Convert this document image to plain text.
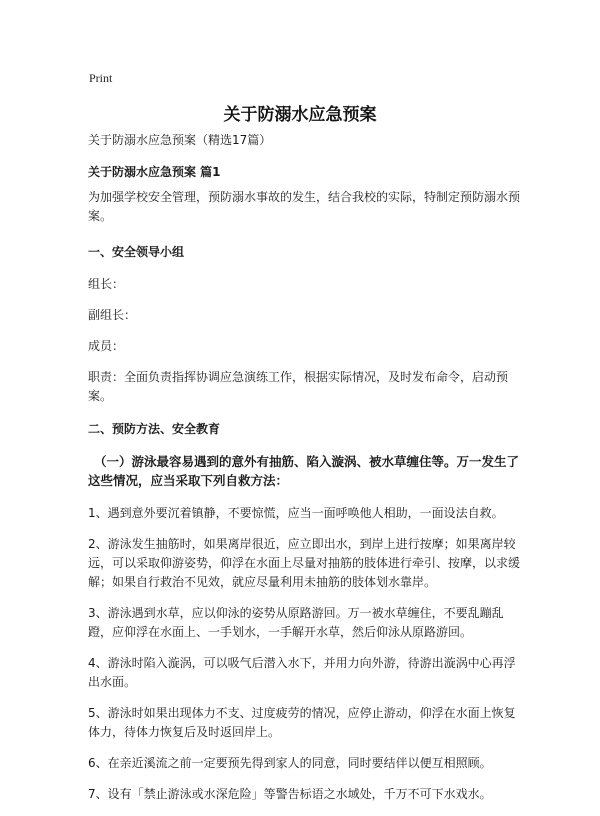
Print
关于防溺水应急预案

关于防溺水应急预案（精选17篇）

关于防溺水应急预案 篇1

为加强学校安全管理，预防溺水事故的发生，结合我校的实际，特制定预防溺水预案。

一、安全领导小组

组长：

副组长：

成员：

职责：全面负责指挥协调应急演练工作，根据实际情况，及时发布命令，启动预案。

二、预防方法、安全教育

（一）游泳最容易遇到的意外有抽筋、陷入漩涡、被水草缠住等。万一发生了这些情况，应当采取下列自救方法：

1、遇到意外要沉着镇静，不要惊慌，应当一面呼唤他人相助，一面设法自救。

2、游泳发生抽筋时，如果离岸很近，应立即出水，到岸上进行按摩；如果离岸较远，可以采取仰游姿势，仰浮在水面上尽量对抽筋的肢体进行牵引、按摩，以求缓解；如果自行救治不见效，就应尽量利用未抽筋的肢体划水靠岸。

3、游泳遇到水草，应以仰泳的姿势从原路游回。万一被水草缠住，不要乱蹦乱蹬，应仰浮在水面上、一手划水，一手解开水草，然后仰泳从原路游回。

4、游泳时陷入漩涡，可以吸气后潜入水下，并用力向外游，待游出漩涡中心再浮出水面。

5、游泳时如果出现体力不支、过度疲劳的情况，应停止游动，仰浮在水面上恢复体力，待体力恢复后及时返回岸上。

6、在亲近溪流之前一定要预先得到家人的同意，同时要结伴以便互相照顾。

7、设有「禁止游泳或水深危险」等警告标语之水域处，千万不可下水戏水。
